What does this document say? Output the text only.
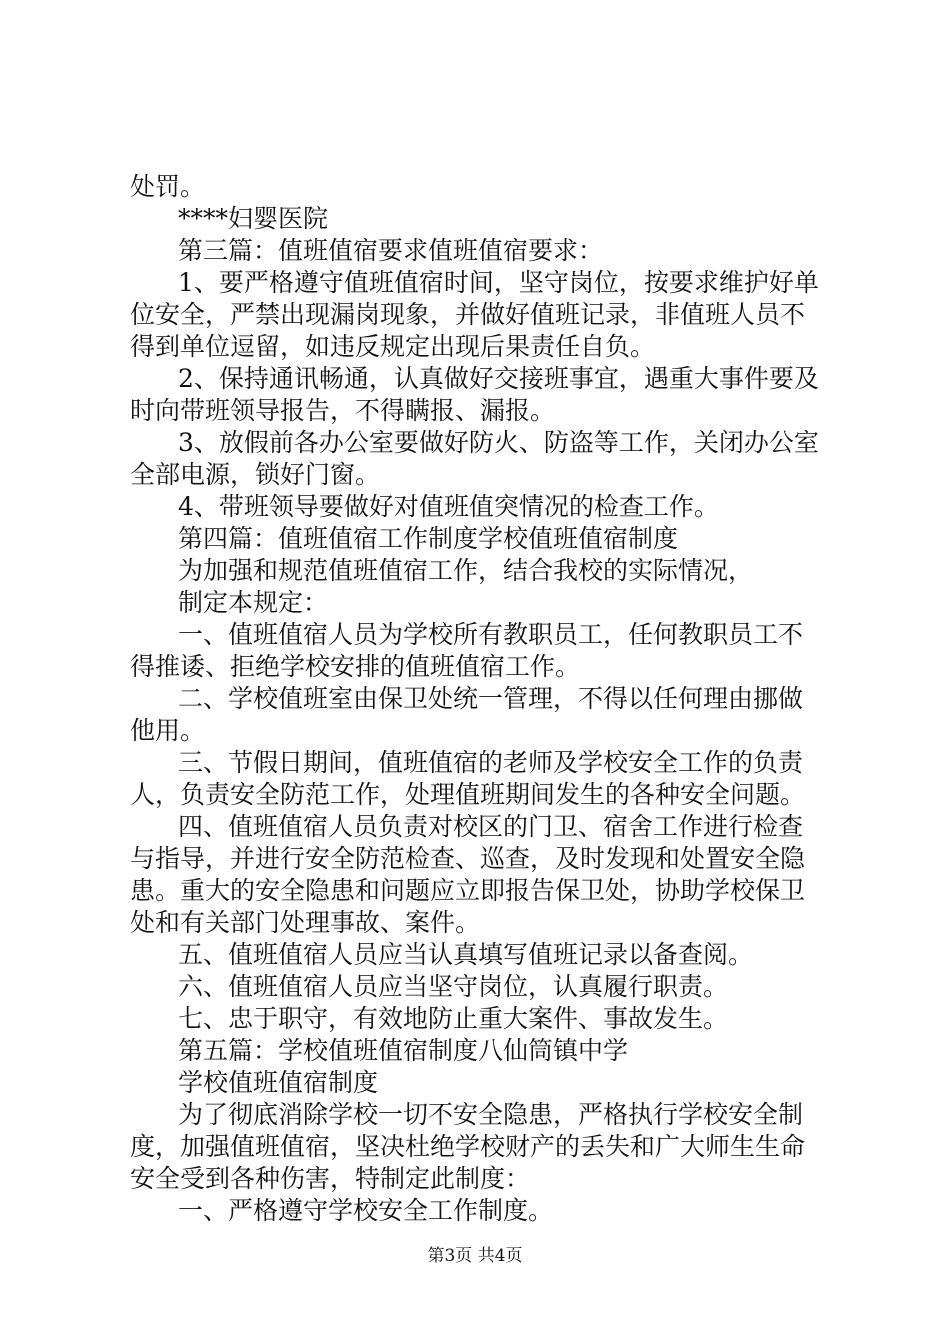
处罚。
****妇婴医院
第三篇：值班值宿要求值班值宿要求：
1、要严格遵守值班值宿时间，坚守岗位，按要求维护好单
位安全，严禁出现漏岗现象，并做好值班记录，非值班人员不
得到单位逗留，如违反规定出现后果责任自负。
2、保持通讯畅通，认真做好交接班事宜，遇重大事件要及
时向带班领导报告，不得瞒报、漏报。
3、放假前各办公室要做好防火、防盗等工作，关闭办公室
全部电源，锁好门窗。
4、带班领导要做好对值班值突情况的检查工作。
第四篇：值班值宿工作制度学校值班值宿制度
为加强和规范值班值宿工作，结合我校的实际情况，
制定本规定：
一、值班值宿人员为学校所有教职员工，任何教职员工不
得推诿、拒绝学校安排的值班值宿工作。
二、学校值班室由保卫处统一管理，不得以任何理由挪做
他用。
三、节假日期间，值班值宿的老师及学校安全工作的负责
人，负责安全防范工作，处理值班期间发生的各种安全问题。
四、值班值宿人员负责对校区的门卫、宿舍工作进行检查
与指导，并进行安全防范检查、巡查，及时发现和处置安全隐
患。重大的安全隐患和问题应立即报告保卫处，协助学校保卫
处和有关部门处理事故、案件。
五、值班值宿人员应当认真填写值班记录以备查阅。
六、值班值宿人员应当坚守岗位，认真履行职责。
七、忠于职守，有效地防止重大案件、事故发生。
第五篇：学校值班值宿制度八仙筒镇中学
学校值班值宿制度
为了彻底消除学校一切不安全隐患，严格执行学校安全制
度，加强值班值宿，坚决杜绝学校财产的丢失和广大师生生命
安全受到各种伤害，特制定此制度：
一、严格遵守学校安全工作制度。
第3页 共4页
